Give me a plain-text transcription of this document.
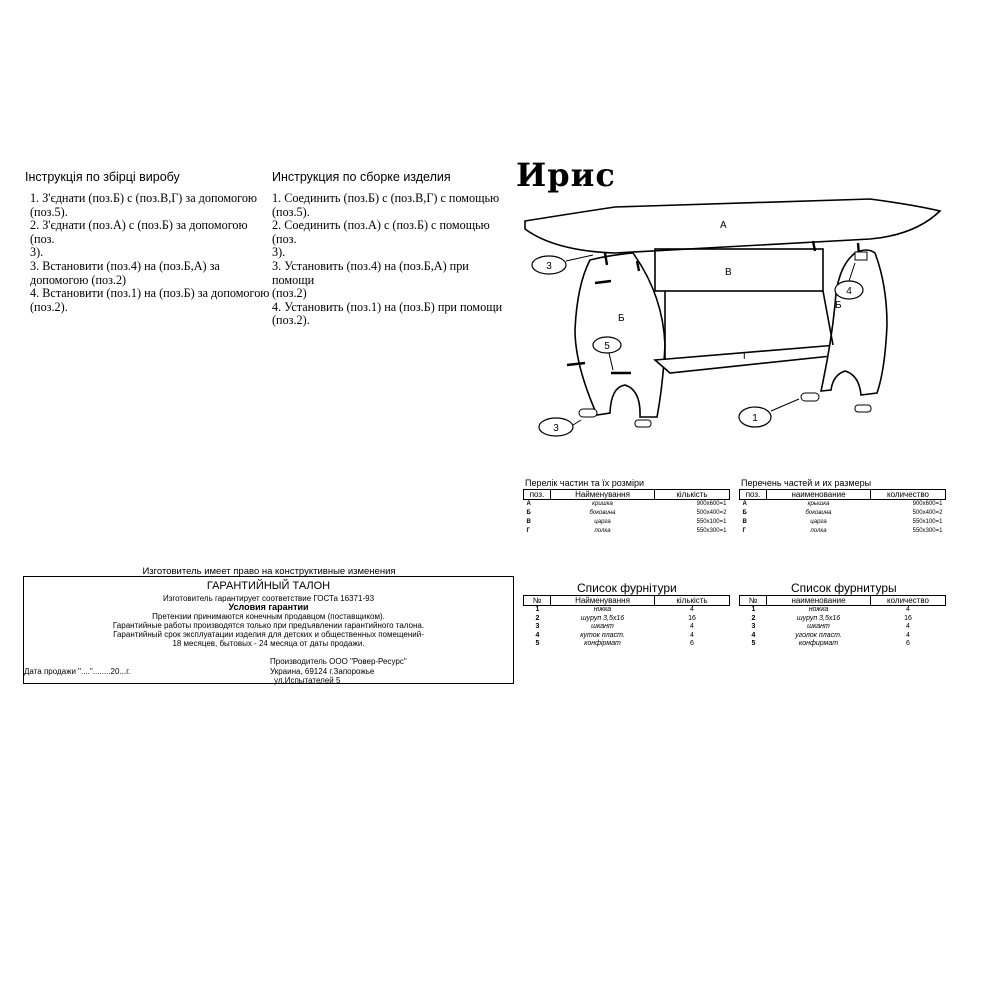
Інструкція по збірці виробу
1. З'єднати (поз.Б) с (поз.В,Г) за допомогою
(поз.5).
2. З'єднати (поз.А) с (поз.Б) за допомогою (поз.
3).
3. Встановити (поз.4) на (поз.Б,А) за
допомогою (поз.2)
4. Встановити (поз.1) на (поз.Б) за допомогою
(поз.2).
Инструкция по сборке изделия
1. Соединить (поз.Б) с (поз.В,Г) с помощью
(поз.5).
2. Соединить (поз.А) с (поз.Б) с помощью (поз.
3).
3. Установить (поз.4) на (поз.Б,А) при помощи
(поз.2)
4. Установить (поз.1) на (поз.Б) при помощи
(поз.2).
Ирис
А
Б
Б
В
Г
3
4
5
1
3
Перелік частин та їх розміри
поз.	Найменування	кількість
А	кришка	900х600=1
Б	боковина	500х400=2
В	царга	550х100=1
Г	полка	550х300=1
Перечень частей и их размеры
поз.	наименование	количество
А	крышка	900х600=1
Б	боковина	500х400=2
В	царга	550х100=1
Г	полка	550х300=1
Список фурнітури
№	Найменування	кількість
1	ніжка	4
2	шуруп 3,5х16	16
3	шкант	4
4	куток пласт.	4
5	конфірмат	6
Список фурнитуры
№	наименование	количество
1	ножка	4
2	шуруп 3,5х16	16
3	шкант	4
4	уголок пласт.	4
5	конфирмат	6
Изготовитель имеет право на конструктивные изменения
ГАРАНТИЙНЫЙ ТАЛОН
Изготовитель гарантирует соответствие ГОСТа 16371-93
Условия гарантии
Претензии принимаются конечным продавцом (поставщиком).
Гарантийные работы производятся только при предъявлении гарантийного талона.
Гарантийный срок эксплуатации изделия для детских и общественных помещений-
18 месяцев, бытовых - 24 месяца от даты продажи.
Производитель ООО "Ровер-Ресурс"
Дата продажи "...."........20...г.	Украина, 69124 г.Запорожье
ул.Испытателей 5
